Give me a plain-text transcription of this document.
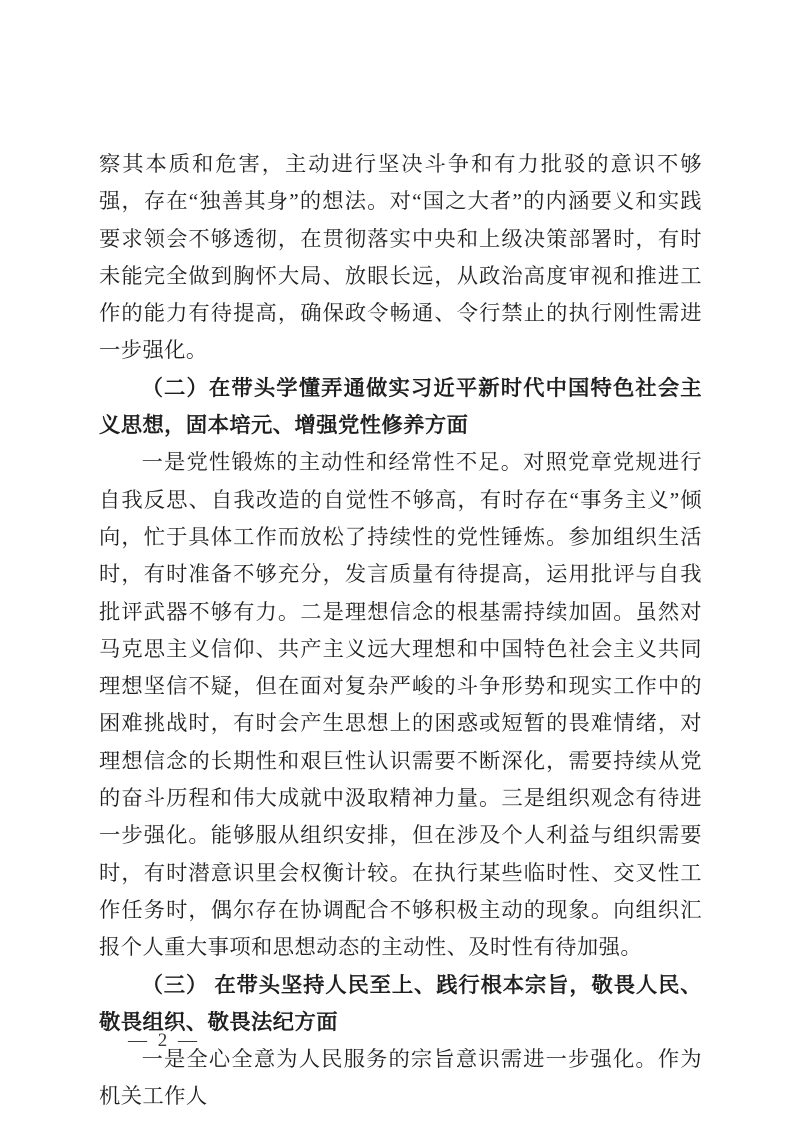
察其本质和危害，主动进行坚决斗争和有力批驳的意识不够强，存在“独善其身”的想法。对“国之大者”的内涵要义和实践要求领会不够透彻，在贯彻落实中央和上级决策部署时，有时未能完全做到胸怀大局、放眼长远，从政治高度审视和推进工作的能力有待提高，确保政令畅通、令行禁止的执行刚性需进一步强化。

（二）在带头学懂弄通做实习近平新时代中国特色社会主义思想，固本培元、增强党性修养方面

一是党性锻炼的主动性和经常性不足。对照党章党规进行自我反思、自我改造的自觉性不够高，有时存在“事务主义”倾向，忙于具体工作而放松了持续性的党性锤炼。参加组织生活时，有时准备不够充分，发言质量有待提高，运用批评与自我批评武器不够有力。二是理想信念的根基需持续加固。虽然对马克思主义信仰、共产主义远大理想和中国特色社会主义共同理想坚信不疑，但在面对复杂严峻的斗争形势和现实工作中的困难挑战时，有时会产生思想上的困惑或短暂的畏难情绪，对理想信念的长期性和艰巨性认识需要不断深化，需要持续从党的奋斗历程和伟大成就中汲取精神力量。三是组织观念有待进一步强化。能够服从组织安排，但在涉及个人利益与组织需要时，有时潜意识里会权衡计较。在执行某些临时性、交叉性工作任务时，偶尔存在协调配合不够积极主动的现象。向组织汇报个人重大事项和思想动态的主动性、及时性有待加强。

（三） 在带头坚持人民至上、践行根本宗旨，敬畏人民、敬畏组织、敬畏法纪方面

一是全心全意为人民服务的宗旨意识需进一步强化。作为机关工作人

— 2 —
